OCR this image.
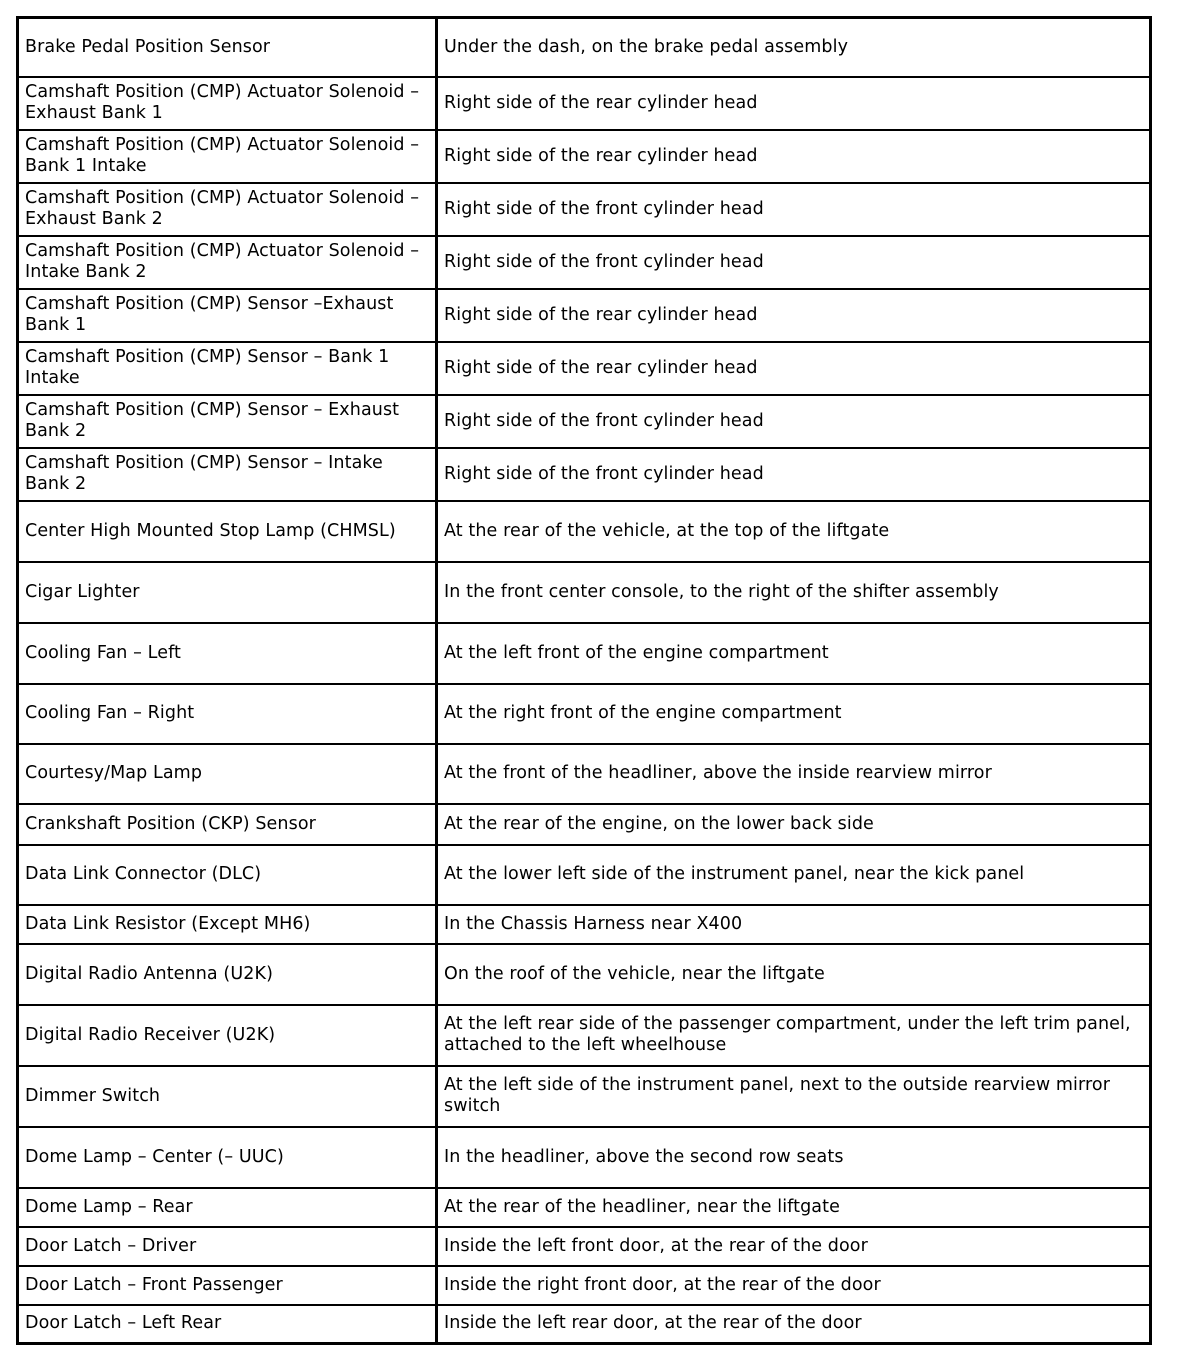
Brake Pedal Position Sensor	Under the dash, on the brake pedal assembly
Camshaft Position (CMP) Actuator Solenoid – Exhaust Bank 1	Right side of the rear cylinder head
Camshaft Position (CMP) Actuator Solenoid – Bank 1 Intake	Right side of the rear cylinder head
Camshaft Position (CMP) Actuator Solenoid – Exhaust Bank 2	Right side of the front cylinder head
Camshaft Position (CMP) Actuator Solenoid – Intake Bank 2	Right side of the front cylinder head
Camshaft Position (CMP) Sensor –Exhaust Bank 1	Right side of the rear cylinder head
Camshaft Position (CMP) Sensor – Bank 1 Intake	Right side of the rear cylinder head
Camshaft Position (CMP) Sensor – Exhaust Bank 2	Right side of the front cylinder head
Camshaft Position (CMP) Sensor – Intake Bank 2	Right side of the front cylinder head
Center High Mounted Stop Lamp (CHMSL)	At the rear of the vehicle, at the top of the liftgate
Cigar Lighter	In the front center console, to the right of the shifter assembly
Cooling Fan – Left	At the left front of the engine compartment
Cooling Fan – Right	At the right front of the engine compartment
Courtesy/Map Lamp	At the front of the headliner, above the inside rearview mirror
Crankshaft Position (CKP) Sensor	At the rear of the engine, on the lower back side
Data Link Connector (DLC)	At the lower left side of the instrument panel, near the kick panel
Data Link Resistor (Except MH6)	In the Chassis Harness near X400
Digital Radio Antenna (U2K)	On the roof of the vehicle, near the liftgate
Digital Radio Receiver (U2K)	At the left rear side of the passenger compartment, under the left trim panel, attached to the left wheelhouse
Dimmer Switch	At the left side of the instrument panel, next to the outside rearview mirror switch
Dome Lamp – Center (– UUC)	In the headliner, above the second row seats
Dome Lamp – Rear	At the rear of the headliner, near the liftgate
Door Latch – Driver	Inside the left front door, at the rear of the door
Door Latch – Front Passenger	Inside the right front door, at the rear of the door
Door Latch – Left Rear	Inside the left rear door, at the rear of the door
